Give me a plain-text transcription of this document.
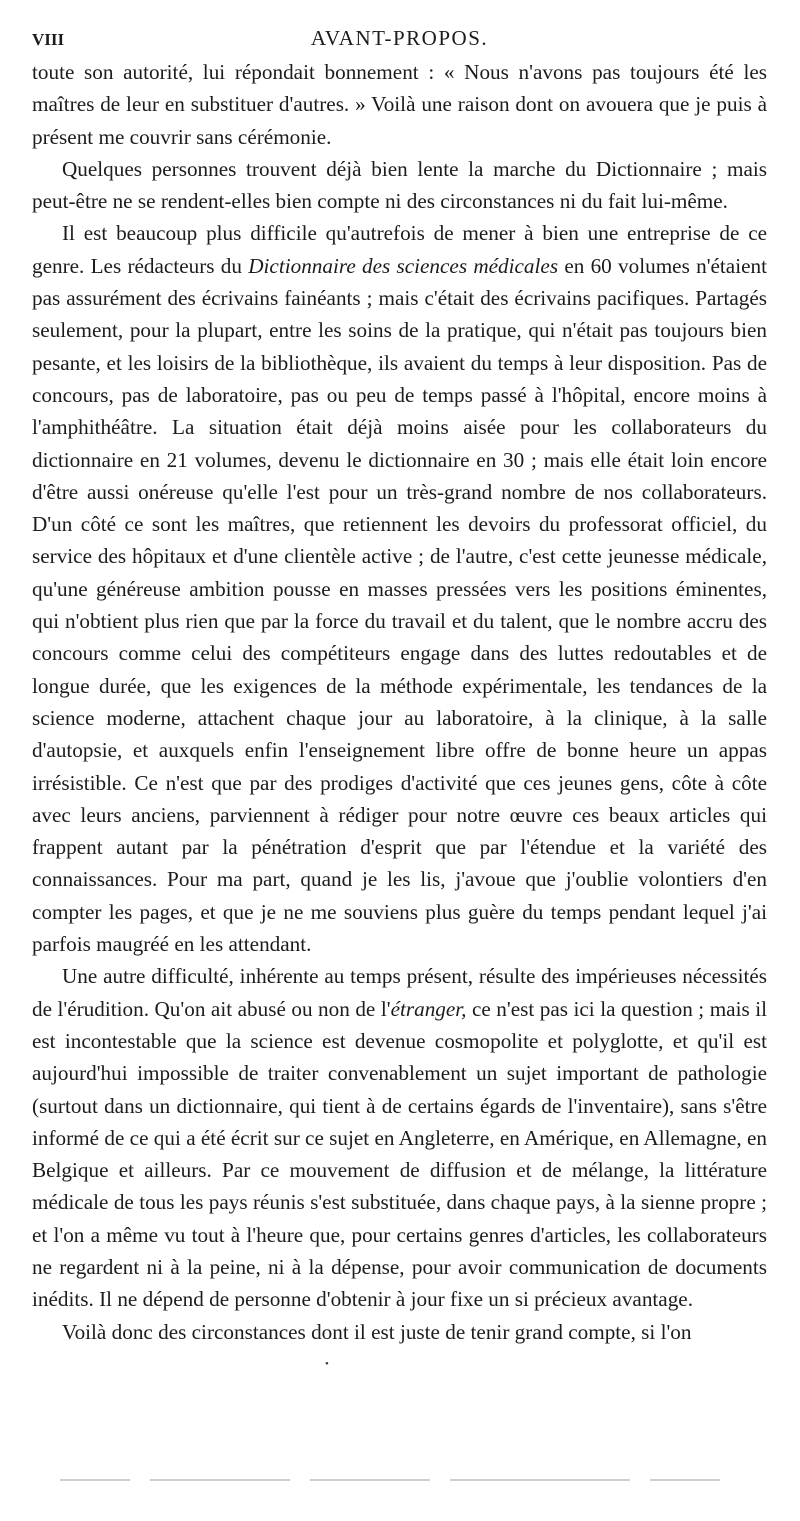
VIII	AVANT-PROPOS.

toute son autorité, lui répondait bonnement : « Nous n'avons pas toujours été les maîtres de leur en substituer d'autres. » Voilà une raison dont on avouera que je puis à présent me couvrir sans cérémonie.

Quelques personnes trouvent déjà bien lente la marche du Dictionnaire ; mais peut-être ne se rendent-elles bien compte ni des circonstances ni du fait lui-même.

Il est beaucoup plus difficile qu'autrefois de mener à bien une entreprise de ce genre. Les rédacteurs du Dictionnaire des sciences médicales en 60 volumes n'étaient pas assurément des écrivains fainéants ; mais c'était des écrivains pacifiques. Partagés seulement, pour la plupart, entre les soins de la pratique, qui n'était pas toujours bien pesante, et les loisirs de la bibliothèque, ils avaient du temps à leur disposition. Pas de concours, pas de laboratoire, pas ou peu de temps passé à l'hôpital, encore moins à l'amphithéâtre. La situation était déjà moins aisée pour les collaborateurs du dictionnaire en 21 volumes, devenu le dictionnaire en 30 ; mais elle était loin encore d'être aussi onéreuse qu'elle l'est pour un très-grand nombre de nos collaborateurs. D'un côté ce sont les maîtres, que retiennent les devoirs du professorat officiel, du service des hôpitaux et d'une clientèle active ; de l'autre, c'est cette jeunesse médicale, qu'une généreuse ambition pousse en masses pressées vers les positions éminentes, qui n'obtient plus rien que par la force du travail et du talent, que le nombre accru des concours comme celui des compétiteurs engage dans des luttes redoutables et de longue durée, que les exigences de la méthode expérimentale, les tendances de la science moderne, attachent chaque jour au laboratoire, à la clinique, à la salle d'autopsie, et auxquels enfin l'enseignement libre offre de bonne heure un appas irrésistible. Ce n'est que par des prodiges d'activité que ces jeunes gens, côte à côte avec leurs anciens, parviennent à rédiger pour notre œuvre ces beaux articles qui frappent autant par la pénétration d'esprit que par l'étendue et la variété des connaissances. Pour ma part, quand je les lis, j'avoue que j'oublie volontiers d'en compter les pages, et que je ne me souviens plus guère du temps pendant lequel j'ai parfois maugréé en les attendant.

Une autre difficulté, inhérente au temps présent, résulte des impérieuses nécessités de l'érudition. Qu'on ait abusé ou non de l'étranger, ce n'est pas ici la question ; mais il est incontestable que la science est devenue cosmopolite et polyglotte, et qu'il est aujourd'hui impossible de traiter convenablement un sujet important de pathologie (surtout dans un dictionnaire, qui tient à de certains égards de l'inventaire), sans s'être informé de ce qui a été écrit sur ce sujet en Angleterre, en Amérique, en Allemagne, en Belgique et ailleurs. Par ce mouvement de diffusion et de mélange, la littérature médicale de tous les pays réunis s'est substituée, dans chaque pays, à la sienne propre ; et l'on a même vu tout à l'heure que, pour certains genres d'articles, les collaborateurs ne regardent ni à la peine, ni à la dépense, pour avoir communication de documents inédits. Il ne dépend de personne d'obtenir à jour fixe un si précieux avantage.

Voilà donc des circonstances dont il est juste de tenir grand compte, si l'on

•
